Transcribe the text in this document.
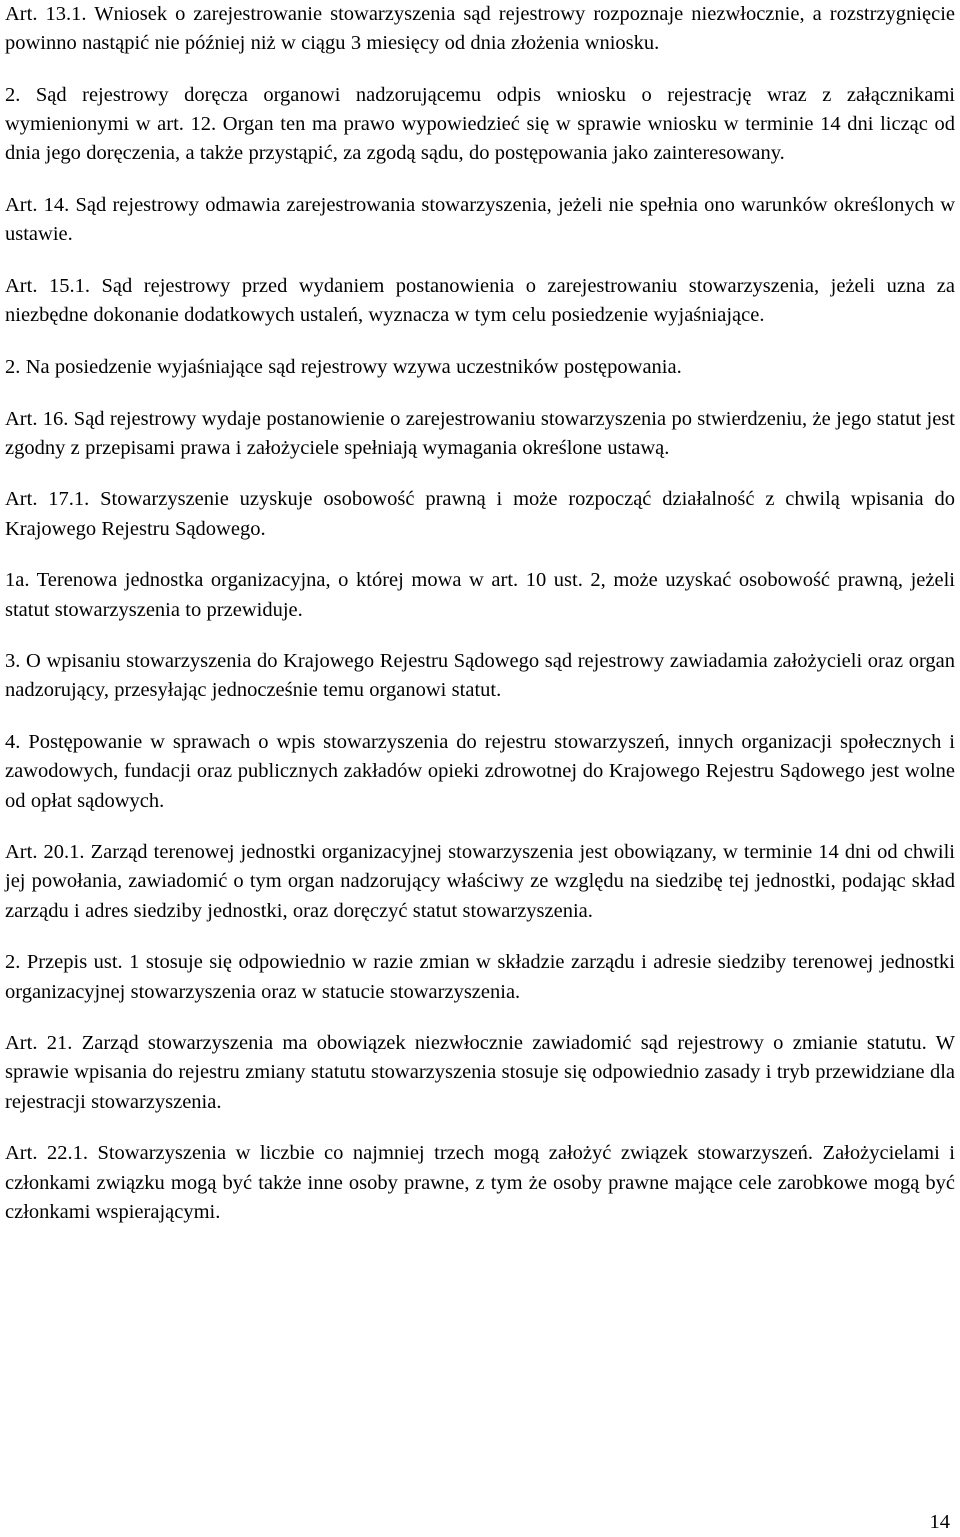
Art. 13.1. Wniosek o zarejestrowanie stowarzyszenia sąd rejestrowy rozpoznaje niezwłocznie, a rozstrzygnięcie powinno nastąpić nie później niż w ciągu 3 miesięcy od dnia złożenia wniosku.

2. Sąd rejestrowy doręcza organowi nadzorującemu odpis wniosku o rejestrację wraz z załącznikami wymienionymi w art. 12. Organ ten ma prawo wypowiedzieć się w sprawie wniosku w terminie 14 dni licząc od dnia jego doręczenia, a także przystąpić, za zgodą sądu, do postępowania jako zainteresowany.

Art. 14. Sąd rejestrowy odmawia zarejestrowania stowarzyszenia, jeżeli nie spełnia ono warunków określonych w ustawie.

Art. 15.1. Sąd rejestrowy przed wydaniem postanowienia o zarejestrowaniu stowarzyszenia, jeżeli uzna za niezbędne dokonanie dodatkowych ustaleń, wyznacza w tym celu posiedzenie wyjaśniające.

2. Na posiedzenie wyjaśniające sąd rejestrowy wzywa uczestników postępowania.

Art. 16. Sąd rejestrowy wydaje postanowienie o zarejestrowaniu stowarzyszenia po stwierdzeniu, że jego statut jest zgodny z przepisami prawa i założyciele spełniają wymagania określone ustawą.

Art. 17.1. Stowarzyszenie uzyskuje osobowość prawną i może rozpocząć działalność z chwilą wpisania do Krajowego Rejestru Sądowego.

1a. Terenowa jednostka organizacyjna, o której mowa w art. 10 ust. 2, może uzyskać osobowość prawną, jeżeli statut stowarzyszenia to przewiduje.

3. O wpisaniu stowarzyszenia do Krajowego Rejestru Sądowego sąd rejestrowy zawiadamia założycieli oraz organ nadzorujący, przesyłając jednocześnie temu organowi statut.

4. Postępowanie w sprawach o wpis stowarzyszenia do rejestru stowarzyszeń, innych organizacji społecznych i zawodowych, fundacji oraz publicznych zakładów opieki zdrowotnej do Krajowego Rejestru Sądowego jest wolne od opłat sądowych.

Art. 20.1. Zarząd terenowej jednostki organizacyjnej stowarzyszenia jest obowiązany, w terminie 14 dni od chwili jej powołania, zawiadomić o tym organ nadzorujący właściwy ze względu na siedzibę tej jednostki, podając skład zarządu i adres siedziby jednostki, oraz doręczyć statut stowarzyszenia.

2. Przepis ust. 1 stosuje się odpowiednio w razie zmian w składzie zarządu i adresie siedziby terenowej jednostki organizacyjnej stowarzyszenia oraz w statucie stowarzyszenia.

Art. 21. Zarząd stowarzyszenia ma obowiązek niezwłocznie zawiadomić sąd rejestrowy o zmianie statutu. W sprawie wpisania do rejestru zmiany statutu stowarzyszenia stosuje się odpowiednio zasady i tryb przewidziane dla rejestracji stowarzyszenia.

Art. 22.1. Stowarzyszenia w liczbie co najmniej trzech mogą założyć związek stowarzyszeń. Założycielami i członkami związku mogą być także inne osoby prawne, z tym że osoby prawne mające cele zarobkowe mogą być członkami wspierającymi.

14
